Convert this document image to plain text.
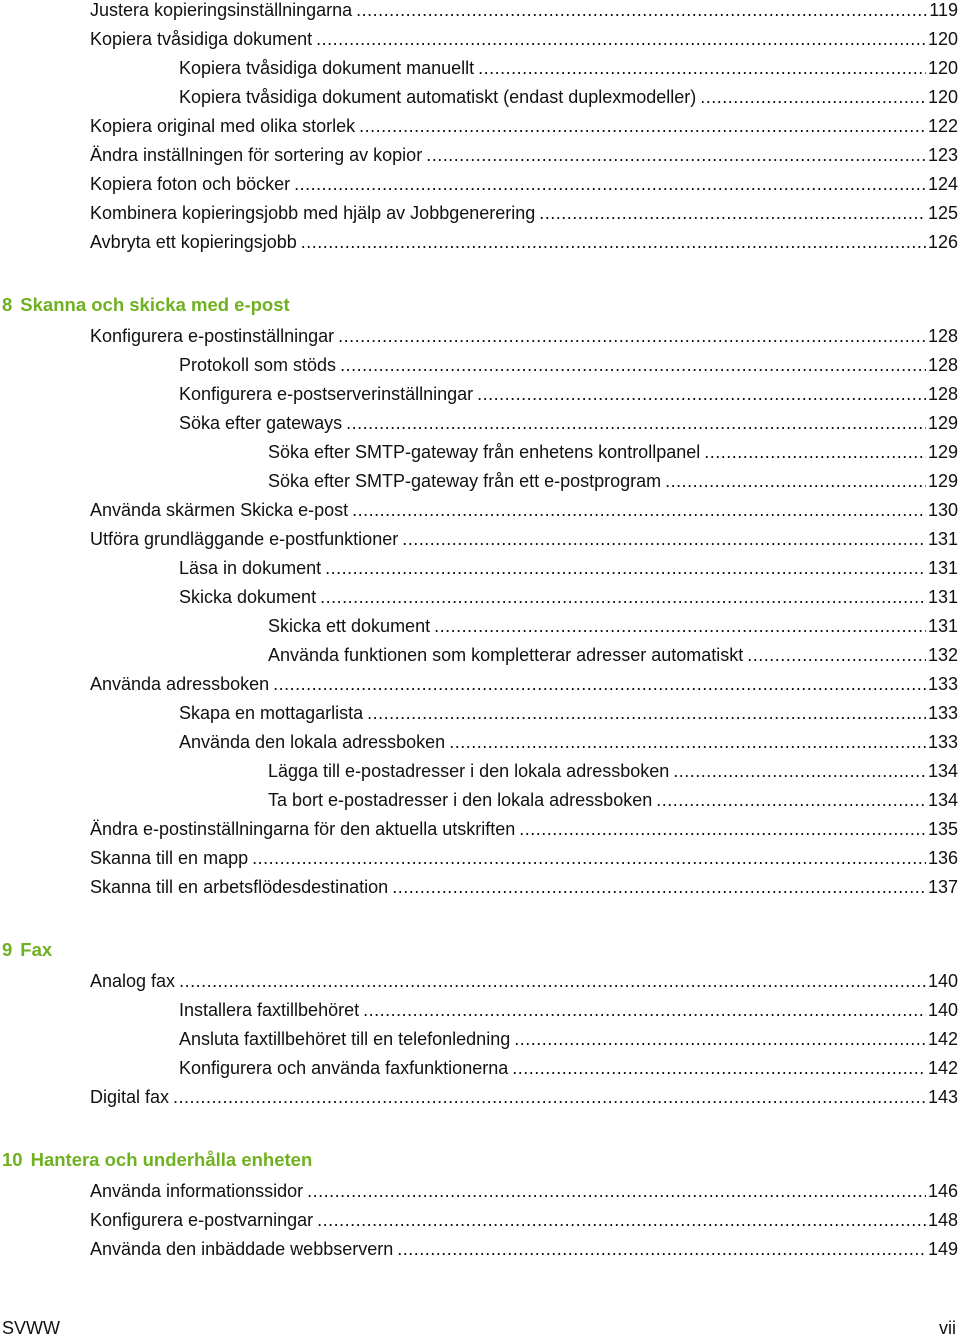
Justera kopieringsinställningarna .....	119
Kopiera tvåsidiga dokument .....	120
Kopiera tvåsidiga dokument manuellt .....	120
Kopiera tvåsidiga dokument automatiskt (endast duplexmodeller) .....	120
Kopiera original med olika storlek .....	122
Ändra inställningen för sortering av kopior .....	123
Kopiera foton och böcker .....	124
Kombinera kopieringsjobb med hjälp av Jobbgenerering .....	125
Avbryta ett kopieringsjobb .....	126
8 Skanna och skicka med e-post
Konfigurera e-postinställningar .....	128
Protokoll som stöds .....	128
Konfigurera e-postserverinställningar .....	128
Söka efter gateways .....	129
Söka efter SMTP-gateway från enhetens kontrollpanel .....	129
Söka efter SMTP-gateway från ett e-postprogram .....	129
Använda skärmen Skicka e-post .....	130
Utföra grundläggande e-postfunktioner .....	131
Läsa in dokument .....	131
Skicka dokument .....	131
Skicka ett dokument .....	131
Använda funktionen som kompletterar adresser automatiskt .....	132
Använda adressboken .....	133
Skapa en mottagarlista .....	133
Använda den lokala adressboken .....	133
Lägga till e-postadresser i den lokala adressboken .....	134
Ta bort e-postadresser i den lokala adressboken .....	134
Ändra e-postinställningarna för den aktuella utskriften .....	135
Skanna till en mapp .....	136
Skanna till en arbetsflödesdestination .....	137
9 Fax
Analog fax .....	140
Installera faxtillbehöret .....	140
Ansluta faxtillbehöret till en telefonledning .....	142
Konfigurera och använda faxfunktionerna .....	142
Digital fax .....	143
10 Hantera och underhålla enheten
Använda informationssidor .....	146
Konfigurera e-postvarningar .....	148
Använda den inbäddade webbservern .....	149
SVWW	vii
